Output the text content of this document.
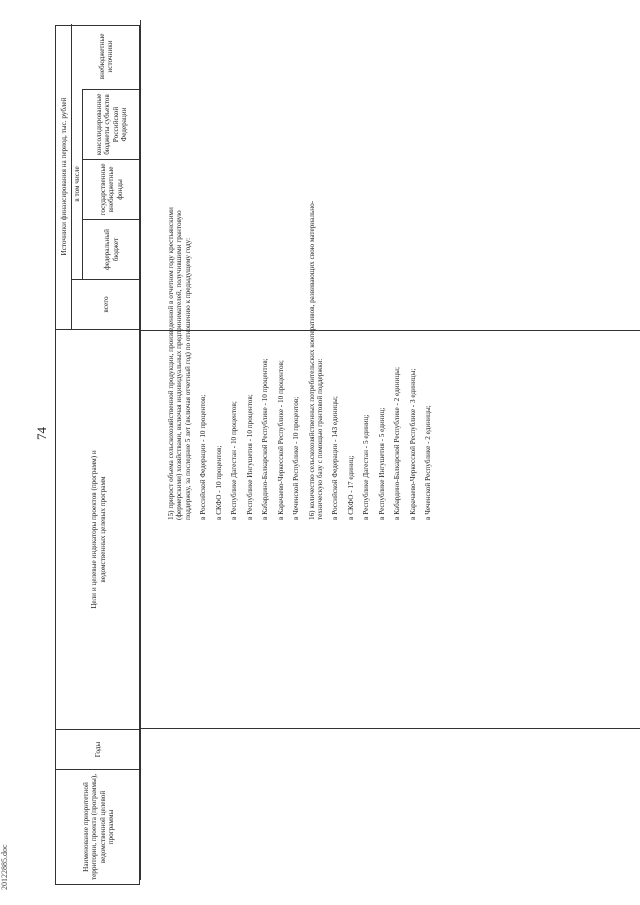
74
20122885.doc	Наименование приоритетной территории, проекта (программы), ведомственной целевой программы
Годы
Цели и целевые индикаторы проектов (программ) и ведомственных целевых программ
Источники финансирования на период, тыс. рублей
всего
в том числе
федеральный бюджет
государственные внебюджетные фонды
консолидированные бюджеты субъектов Российской Федерации
внебюджетные источники

15) прирост объема сельскохозяйственной продукции, произведенной в отчетном году крестьянскими (фермерскими) хозяйствами, включая индивидуальных предпринимателей, получившими грантовую поддержку, за последние 5 лет (включая отчетный год) по отношению к предыдущему году: в Российской Федерации - 10 процентов; в СКФО - 10 процентов; в Республике Дагестан - 10 процентов; в Республике Ингушетия - 10 процентов; в Кабардино-Балкарской Республике - 10 процентов; в Карачаево-Черкесской Республике - 10 процентов; в Чеченской Республике - 10 процентов; 16) количество сельскохозяйственных потребительских кооперативов, развивающих свою материально-техническую базу с помощью грантовой поддержки: в Российской Федерации - 143 единицы; в СКФО - 17 единиц; в Республике Дагестан - 5 единиц; в Республике Ингушетия - 5 единиц; в Кабардино-Балкарской Республике - 2 единицы; в Карачаево-Черкесской Республике - 3 единицы; в Чеченской Республике - 2 единицы;
